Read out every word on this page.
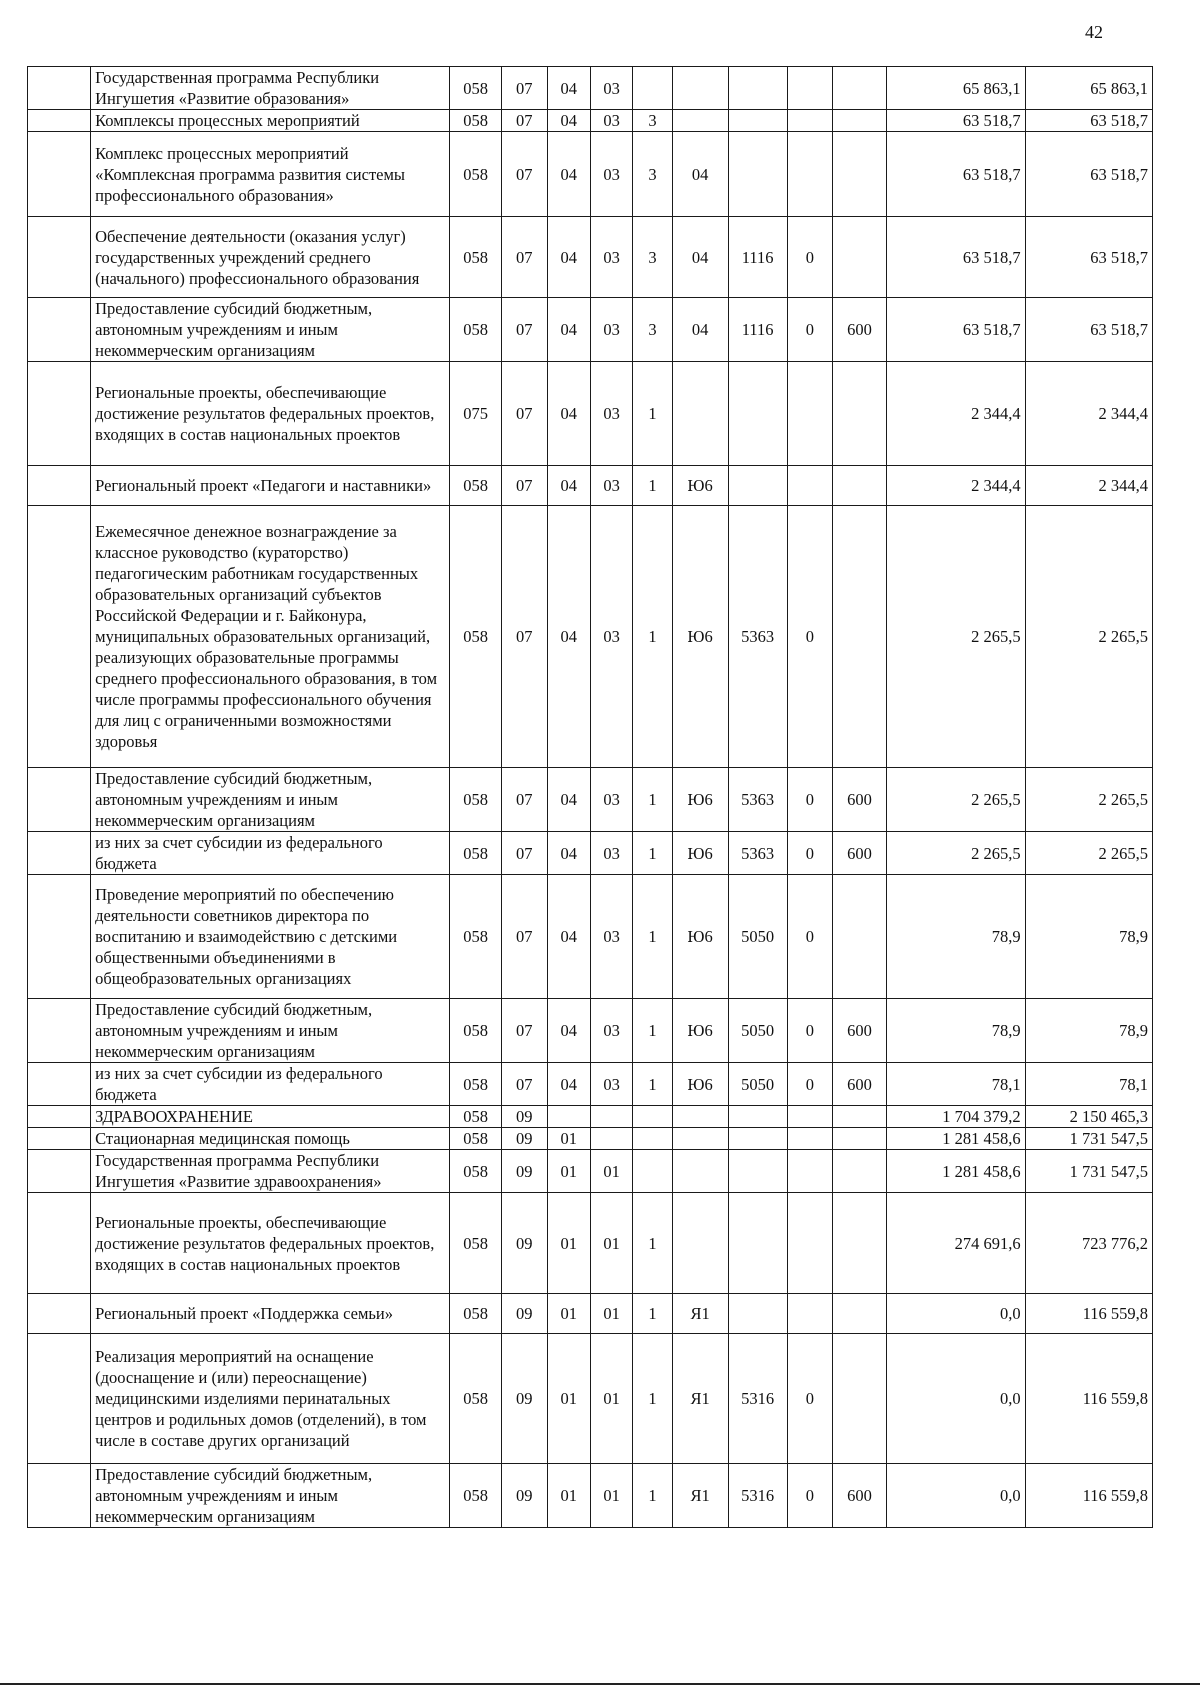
42
	Государственная программа Республики Ингушетия «Развитие образования»	058	07	04	03						65 863,1	65 863,1
	Комплексы процессных мероприятий	058	07	04	03	3					63 518,7	63 518,7
	Комплекс процессных мероприятий «Комплексная программа развития системы профессионального образования»	058	07	04	03	3	04				63 518,7	63 518,7
	Обеспечение деятельности (оказания услуг) государственных учреждений среднего (начального) профессионального образования	058	07	04	03	3	04	1116	0		63 518,7	63 518,7
	Предоставление субсидий бюджетным, автономным учреждениям и иным некоммерческим организациям	058	07	04	03	3	04	1116	0	600	63 518,7	63 518,7
	Региональные проекты, обеспечивающие достижение результатов федеральных проектов, входящих в состав национальных проектов	075	07	04	03	1					2 344,4	2 344,4
	Региональный проект «Педагоги и наставники»	058	07	04	03	1	Ю6				2 344,4	2 344,4
	Ежемесячное денежное вознаграждение за классное руководство (кураторство) педагогическим работникам государственных образовательных организаций субъектов Российской Федерации и г. Байконура, муниципальных образовательных организаций, реализующих образовательные программы среднего профессионального образования, в том числе программы профессионального обучения для лиц с ограниченными возможностями здоровья	058	07	04	03	1	Ю6	5363	0		2 265,5	2 265,5
	Предоставление субсидий бюджетным, автономным учреждениям и иным некоммерческим организациям	058	07	04	03	1	Ю6	5363	0	600	2 265,5	2 265,5
	из них за счет субсидии из федерального бюджета	058	07	04	03	1	Ю6	5363	0	600	2 265,5	2 265,5
	Проведение мероприятий по обеспечению деятельности советников директора по воспитанию и взаимодействию с детскими общественными объединениями в общеобразовательных организациях	058	07	04	03	1	Ю6	5050	0		78,9	78,9
	Предоставление субсидий бюджетным, автономным учреждениям и иным некоммерческим организациям	058	07	04	03	1	Ю6	5050	0	600	78,9	78,9
	из них за счет субсидии из федерального бюджета	058	07	04	03	1	Ю6	5050	0	600	78,1	78,1
	ЗДРАВООХРАНЕНИЕ	058	09								1 704 379,2	2 150 465,3
	Стационарная медицинская помощь	058	09	01							1 281 458,6	1 731 547,5
	Государственная программа Республики Ингушетия «Развитие здравоохранения»	058	09	01	01						1 281 458,6	1 731 547,5
	Региональные проекты, обеспечивающие достижение результатов федеральных проектов, входящих в состав национальных проектов	058	09	01	01	1					274 691,6	723 776,2
	Региональный проект «Поддержка семьи»	058	09	01	01	1	Я1				0,0	116 559,8
	Реализация мероприятий на оснащение (дооснащение и (или) переоснащение) медицинскими изделиями перинатальных центров и родильных домов (отделений), в том числе в составе других организаций	058	09	01	01	1	Я1	5316	0		0,0	116 559,8
	Предоставление субсидий бюджетным, автономным учреждениям и иным некоммерческим организациям	058	09	01	01	1	Я1	5316	0	600	0,0	116 559,8
